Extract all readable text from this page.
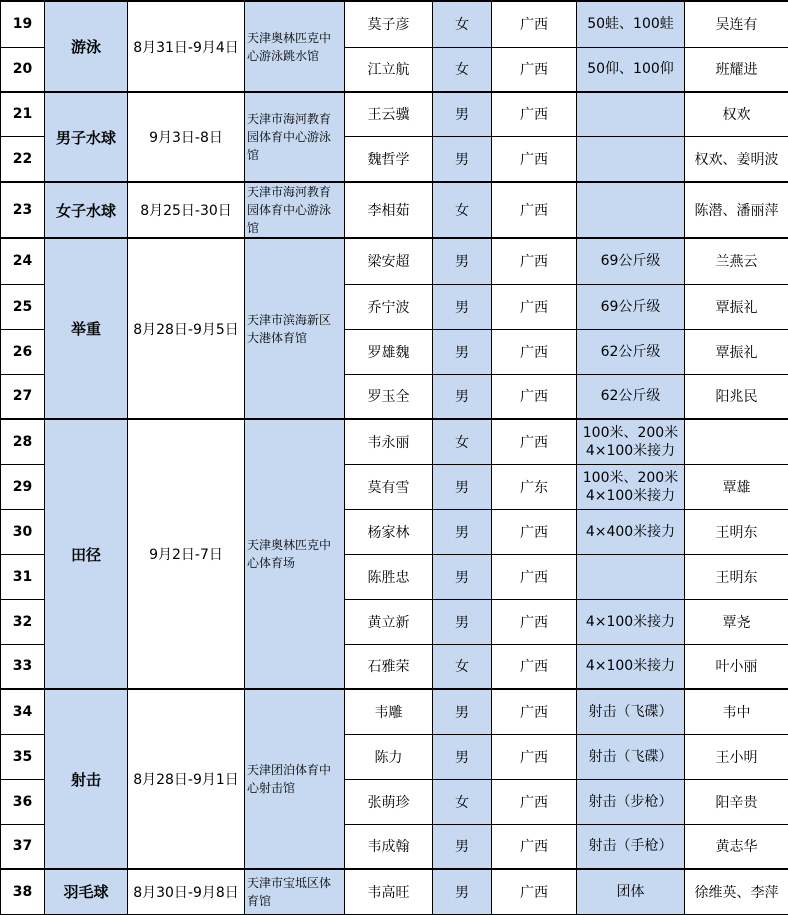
19	游泳	8月31日-9月4日	天津奥林匹克中心游泳跳水馆	莫子彦	女	广西	50蛙、100蛙	吴连有
20				江立航	女	广西	50仰、100仰	班耀进
21	男子水球	9月3日-8日	天津市海河教育园体育中心游泳馆	王云骥	男	广西		权欢
22				魏哲学	男	广西		权欢、姜明波
23	女子水球	8月25日-30日	天津市海河教育园体育中心游泳馆	李相茹	女	广西		陈潜、潘丽萍
24	举重	8月28日-9月5日	天津市滨海新区大港体育馆	梁安超	男	广西	69公斤级	兰燕云
25				乔宁波	男	广西	69公斤级	覃振礼
26				罗雄魏	男	广西	62公斤级	覃振礼
27				罗玉全	男	广西	62公斤级	阳兆民
28	田径	9月2日-7日	天津奥林匹克中心体育场	韦永丽	女	广西	100米、200米 4×100米接力	
29				莫有雪	男	广东	100米、200米 4×100米接力	覃雄
30				杨家林	男	广西	4×400米接力	王明东
31				陈胜忠	男	广西		王明东
32				黄立新	男	广西	4×100米接力	覃尧
33				石雅荣	女	广西	4×100米接力	叶小丽
34	射击	8月28日-9月1日	天津团泊体育中心射击馆	韦雕	男	广西	射击（飞碟）	韦中
35				陈力	男	广西	射击（飞碟）	王小明
36				张萌珍	女	广西	射击（步枪）	阳辛贵
37				韦成翰	男	广西	射击（手枪）	黄志华
38	羽毛球	8月30日-9月8日	天津市宝坻区体育馆	韦高旺	男	广西	团体	徐维英、李萍
